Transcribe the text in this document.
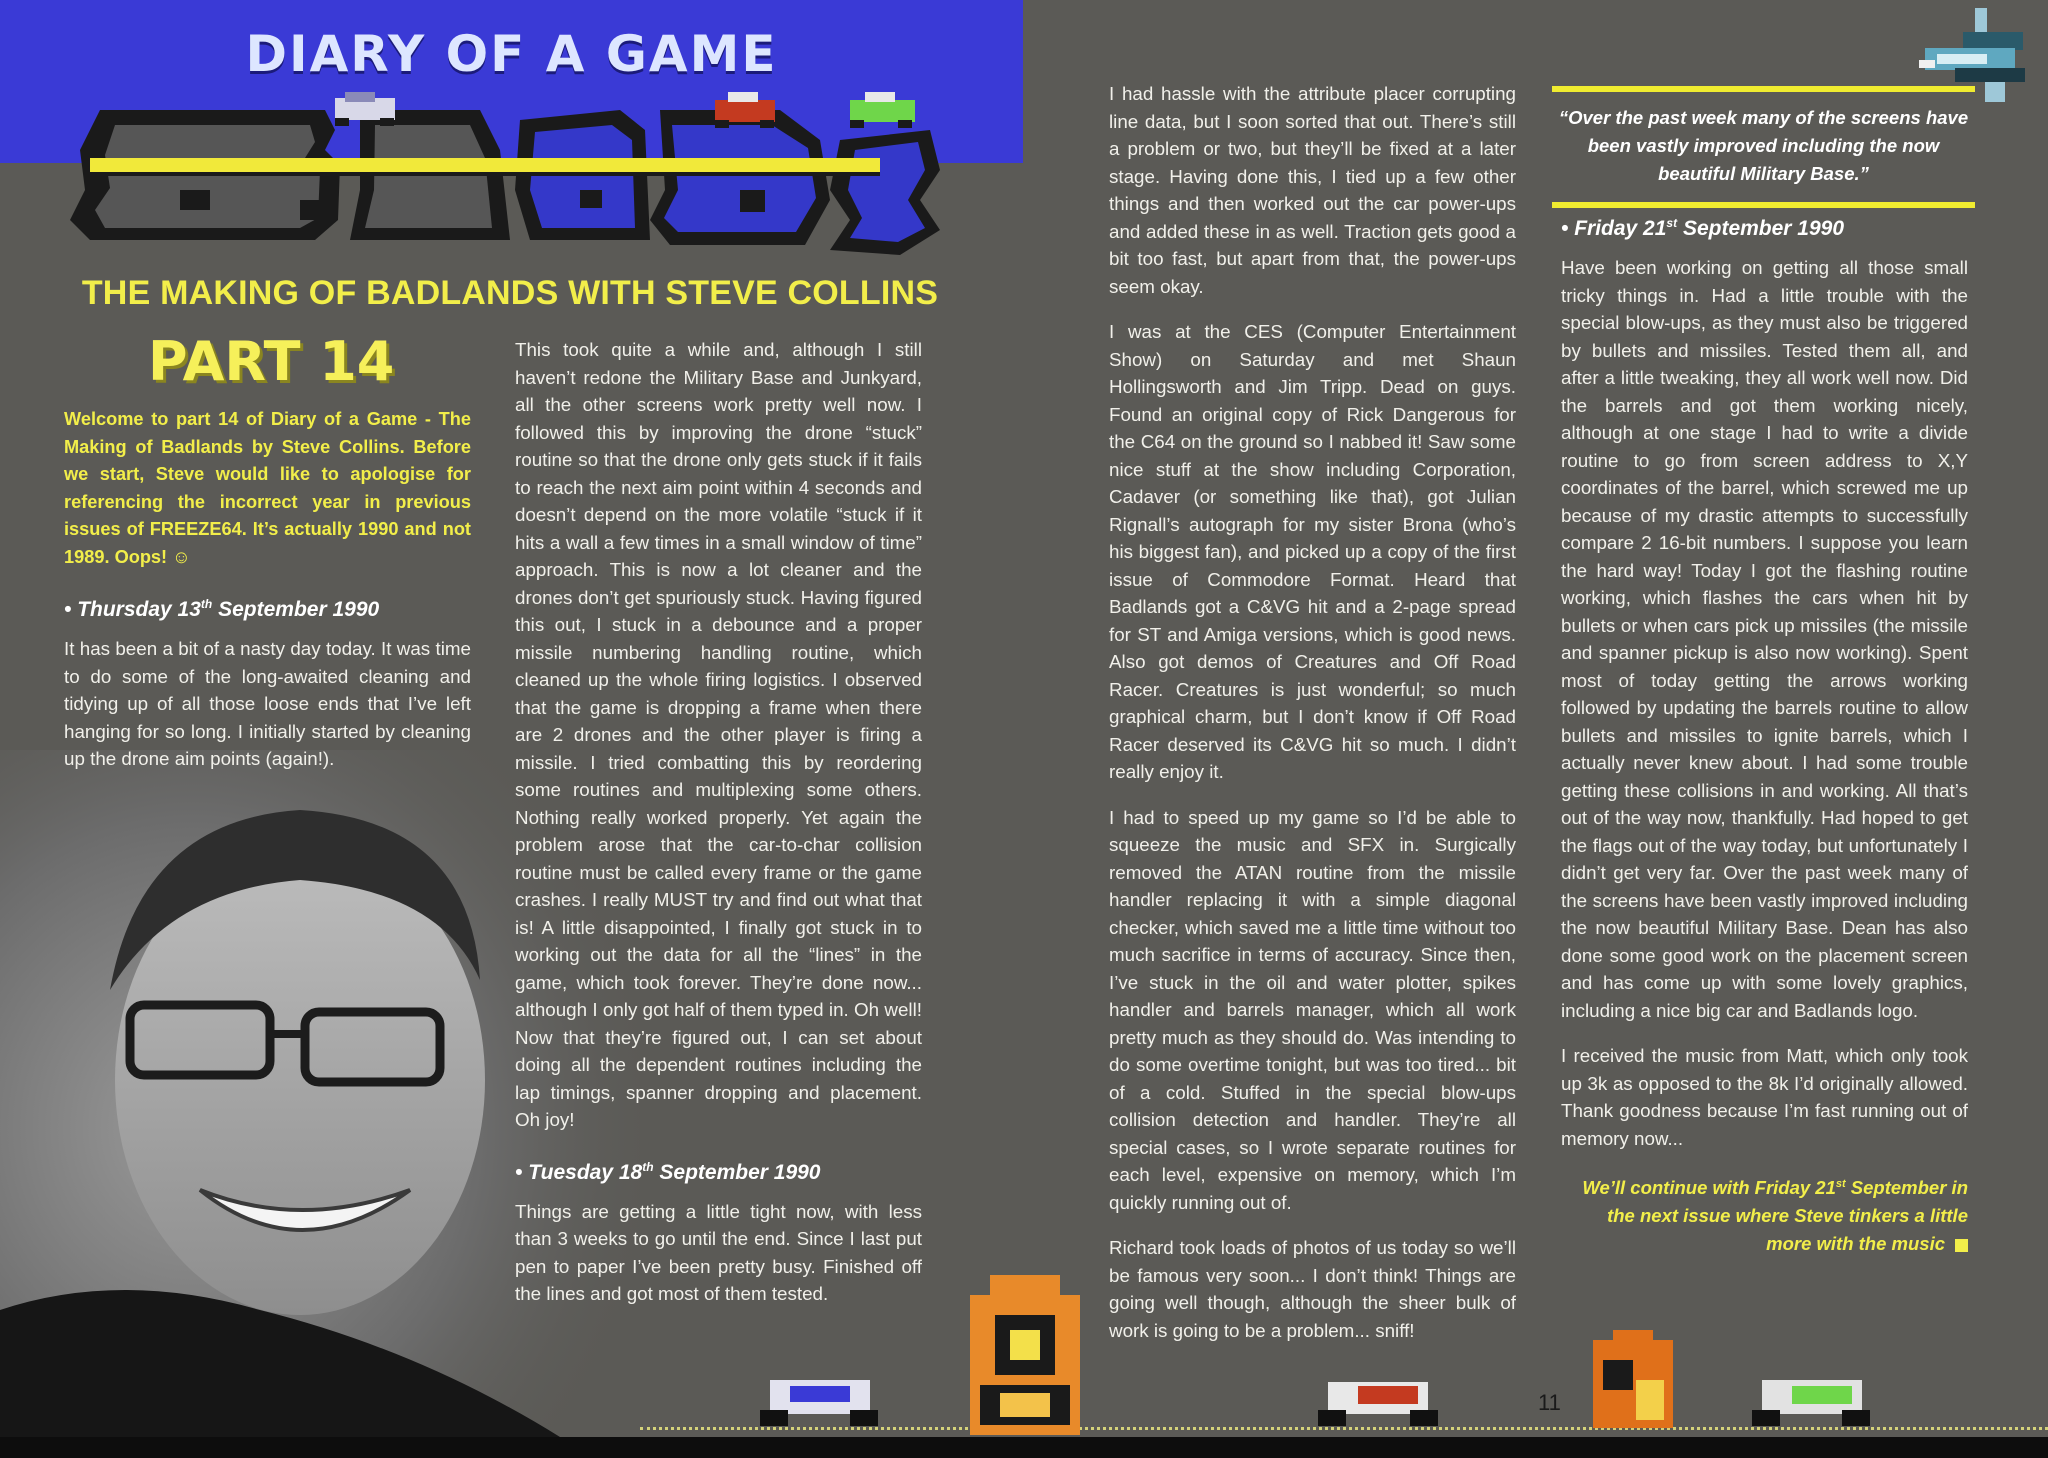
DIARY OF A GAME
THE MAKING OF BADLANDS WITH STEVE COLLINS
PART 14

Welcome to part 14 of Diary of a Game - The Making of Badlands by Steve Collins. Before we start, Steve would like to apologise for referencing the incorrect year in previous issues of FREEZE64. It’s actually 1990 and not 1989. Oops! ☺

• Thursday 13th September 1990

It has been a bit of a nasty day today. It was time to do some of the long-awaited cleaning and tidying up of all those loose ends that I’ve left hanging for so long. I initially started by cleaning up the drone aim points (again!).

This took quite a while and, although I still haven’t redone the Military Base and Junkyard, all the other screens work pretty well now. I followed this by improving the drone “stuck” routine so that the drone only gets stuck if it fails to reach the next aim point within 4 seconds and doesn’t depend on the more volatile “stuck if it hits a wall a few times in a small window of time” approach. This is now a lot cleaner and the drones don’t get spuriously stuck. Having figured this out, I stuck in a debounce and a proper missile numbering handling routine, which cleaned up the whole firing logistics. I observed that the game is dropping a frame when there are 2 drones and the other player is firing a missile. I tried combatting this by reordering some routines and multiplexing some others. Nothing really worked properly. Yet again the problem arose that the car-to-char collision routine must be called every frame or the game crashes. I really MUST try and find out what that is! A little disappointed, I finally got stuck in to working out the data for all the “lines” in the game, which took forever. They’re done now... although I only got half of them typed in. Oh well! Now that they’re figured out, I can set about doing all the dependent routines including the lap timings, spanner dropping and placement. Oh joy!

• Tuesday 18th September 1990

Things are getting a little tight now, with less than 3 weeks to go until the end. Since I last put pen to paper I’ve been pretty busy. Finished off the lines and got most of them tested.

I had hassle with the attribute placer corrupting line data, but I soon sorted that out. There’s still a problem or two, but they’ll be fixed at a later stage. Having done this, I tied up a few other things and then worked out the car power-ups and added these in as well. Traction gets good a bit too fast, but apart from that, the power-ups seem okay.

I was at the CES (Computer Entertainment Show) on Saturday and met Shaun Hollingsworth and Jim Tripp. Dead on guys. Found an original copy of Rick Dangerous for the C64 on the ground so I nabbed it! Saw some nice stuff at the show including Corporation, Cadaver (or something like that), got Julian Rignall’s autograph for my sister Brona (who’s his biggest fan), and picked up a copy of the first issue of Commodore Format. Heard that Badlands got a C&VG hit and a 2-page spread for ST and Amiga versions, which is good news. Also got demos of Creatures and Off Road Racer. Creatures is just wonderful; so much graphical charm, but I don’t know if Off Road Racer deserved its C&VG hit so much. I didn’t really enjoy it.

I had to speed up my game so I’d be able to squeeze the music and SFX in. Surgically removed the ATAN routine from the missile handler replacing it with a simple diagonal checker, which saved me a little time without too much sacrifice in terms of accuracy. Since then, I’ve stuck in the oil and water plotter, spikes handler and barrels manager, which all work pretty much as they should do. Was intending to do some overtime tonight, but was too tired... bit of a cold. Stuffed in the special blow-ups collision detection and handler. They’re all special cases, so I wrote separate routines for each level, expensive on memory, which I’m quickly running out of.

Richard took loads of photos of us today so we’ll be famous very soon... I don’t think! Things are going well though, although the sheer bulk of work is going to be a problem... sniff!

“Over the past week many of the screens have been vastly improved including the now beautiful Military Base.”
• Friday 21st September 1990

Have been working on getting all those small tricky things in. Had a little trouble with the special blow-ups, as they must also be triggered by bullets and missiles. Tested them all, and after a little tweaking, they all work well now. Did the barrels and got them working nicely, although at one stage I had to write a divide routine to go from screen address to X,Y coordinates of the barrel, which screwed me up because of my drastic attempts to successfully compare 2 16-bit numbers. I suppose you learn the hard way! Today I got the flashing routine working, which flashes the cars when hit by bullets or when cars pick up missiles (the missile and spanner pickup is also now working). Spent most of today getting the arrows working followed by updating the barrels routine to allow bullets and missiles to ignite barrels, which I actually never knew about. I had some trouble getting these collisions in and working. All that’s out of the way now, thankfully. Had hoped to get the flags out of the way today, but unfortunately I didn’t get very far. Over the past week many of the screens have been vastly improved including the now beautiful Military Base. Dean has also done some good work on the placement screen and has come up with some lovely graphics, including a nice big car and Badlands logo.

I received the music from Matt, which only took up 3k as opposed to the 8k I’d originally allowed. Thank goodness because I’m fast running out of memory now...

We’ll continue with Friday 21st September in the next issue where Steve tinkers a little more with the music

11
